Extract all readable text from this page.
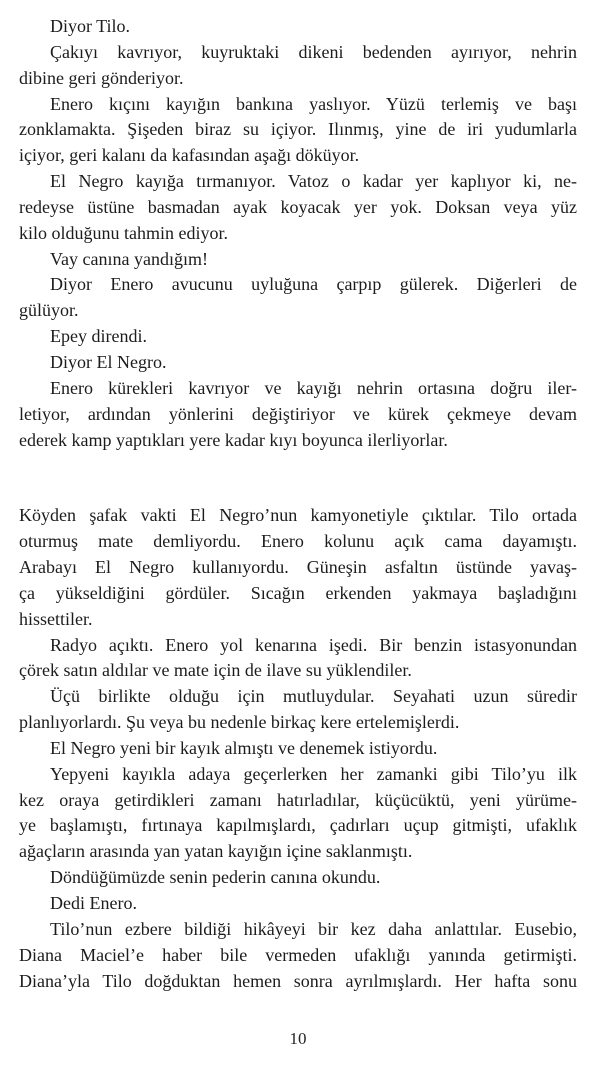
Diyor Tilo.
Çakıyı kavrıyor, kuyruktaki dikeni bedenden ayırıyor, nehrin
dibine geri gönderiyor.
Enero kıçını kayığın bankına yaslıyor. Yüzü terlemiş ve başı
zonklamakta. Şişeden biraz su içiyor. Ilınmış, yine de iri yudumlarla
içiyor, geri kalanı da kafasından aşağı döküyor.
El Negro kayığa tırmanıyor. Vatoz o kadar yer kaplıyor ki, ne-
redeyse üstüne basmadan ayak koyacak yer yok. Doksan veya yüz
kilo olduğunu tahmin ediyor.
Vay canına yandığım!
Diyor Enero avucunu uyluğuna çarpıp gülerek. Diğerleri de
gülüyor.
Epey direndi.
Diyor El Negro.
Enero kürekleri kavrıyor ve kayığı nehrin ortasına doğru iler-
letiyor, ardından yönlerini değiştiriyor ve kürek çekmeye devam
ederek kamp yaptıkları yere kadar kıyı boyunca ilerliyorlar.
Köyden şafak vakti El Negro’nun kamyonetiyle çıktılar. Tilo ortada
oturmuş mate demliyordu. Enero kolunu açık cama dayamıştı.
Arabayı El Negro kullanıyordu. Güneşin asfaltın üstünde yavaş-
ça yükseldiğini gördüler. Sıcağın erkenden yakmaya başladığını
hissettiler.
Radyo açıktı. Enero yol kenarına işedi. Bir benzin istasyonundan
çörek satın aldılar ve mate için de ilave su yüklendiler.
Üçü birlikte olduğu için mutluydular. Seyahati uzun süredir
planlıyorlardı. Şu veya bu nedenle birkaç kere ertelemişlerdi.
El Negro yeni bir kayık almıştı ve denemek istiyordu.
Yepyeni kayıkla adaya geçerlerken her zamanki gibi Tilo’yu ilk
kez oraya getirdikleri zamanı hatırladılar, küçücüktü, yeni yürüme-
ye başlamıştı, fırtınaya kapılmışlardı, çadırları uçup gitmişti, ufaklık
ağaçların arasında yan yatan kayığın içine saklanmıştı.
Döndüğümüzde senin pederin canına okundu.
Dedi Enero.
Tilo’nun ezbere bildiği hikâyeyi bir kez daha anlattılar. Eusebio,
Diana Maciel’e haber bile vermeden ufaklığı yanında getirmişti.
Diana’yla Tilo doğduktan hemen sonra ayrılmışlardı. Her hafta sonu
10
